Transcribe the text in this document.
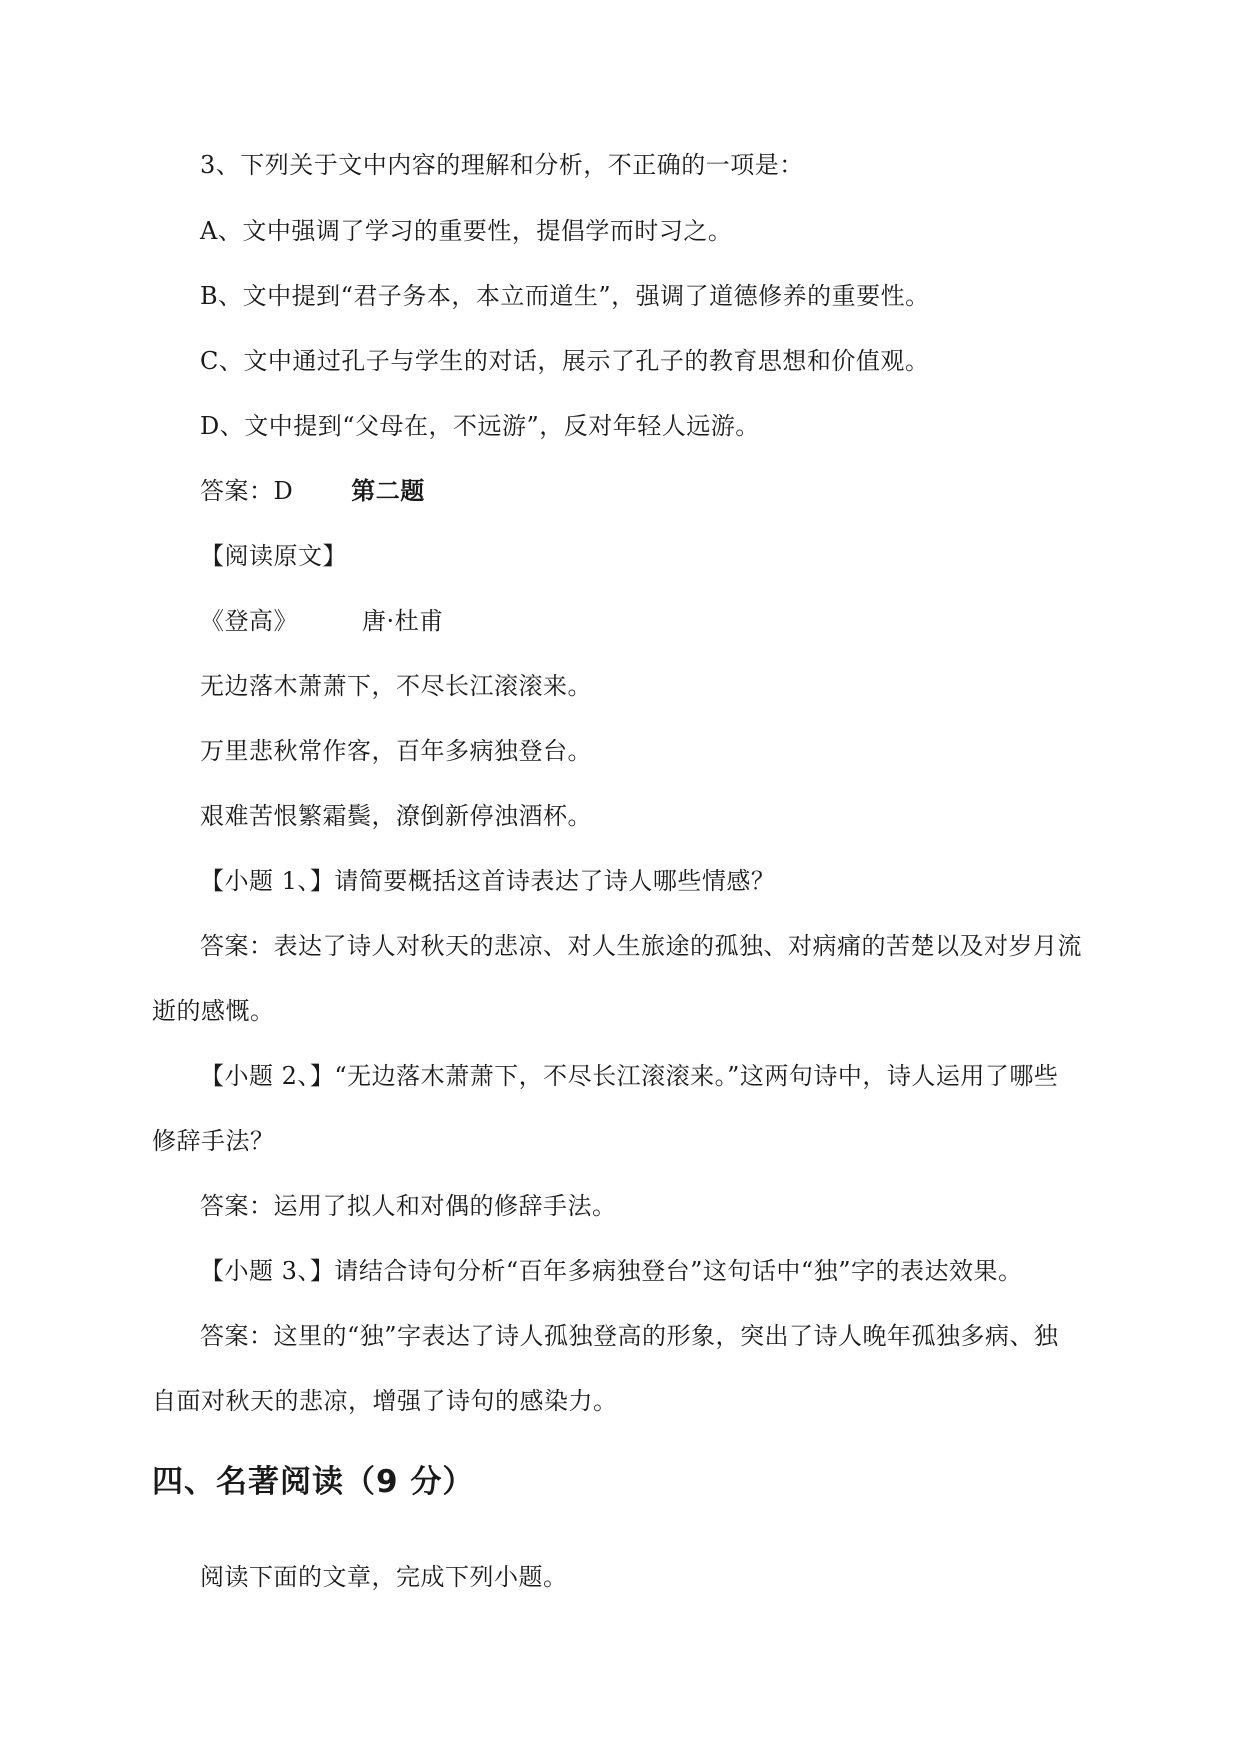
3、下列关于文中内容的理解和分析，不正确的一项是：
A、文中强调了学习的重要性，提倡学而时习之。
B、文中提到“君子务本，本立而道生”，强调了道德修养的重要性。
C、文中通过孔子与学生的对话，展示了孔子的教育思想和价值观。
D、文中提到“父母在，不远游”，反对年轻人远游。
答案：D 第二题
【阅读原文】
《登高》	唐·杜甫
无边落木萧萧下，不尽长江滚滚来。
万里悲秋常作客，百年多病独登台。
艰难苦恨繁霜鬓，潦倒新停浊酒杯。
【小题 1、】请简要概括这首诗表达了诗人哪些情感？
答案：表达了诗人对秋天的悲凉、对人生旅途的孤独、对病痛的苦楚以及对岁月流
逝的感慨。
【小题 2、】“无边落木萧萧下，不尽长江滚滚来。”这两句诗中，诗人运用了哪些
修辞手法？
答案：运用了拟人和对偶的修辞手法。
【小题 3、】请结合诗句分析“百年多病独登台”这句话中“独”字的表达效果。
答案：这里的“独”字表达了诗人孤独登高的形象，突出了诗人晚年孤独多病、独
自面对秋天的悲凉，增强了诗句的感染力。
四、名著阅读（9 分）
阅读下面的文章，完成下列小题。
